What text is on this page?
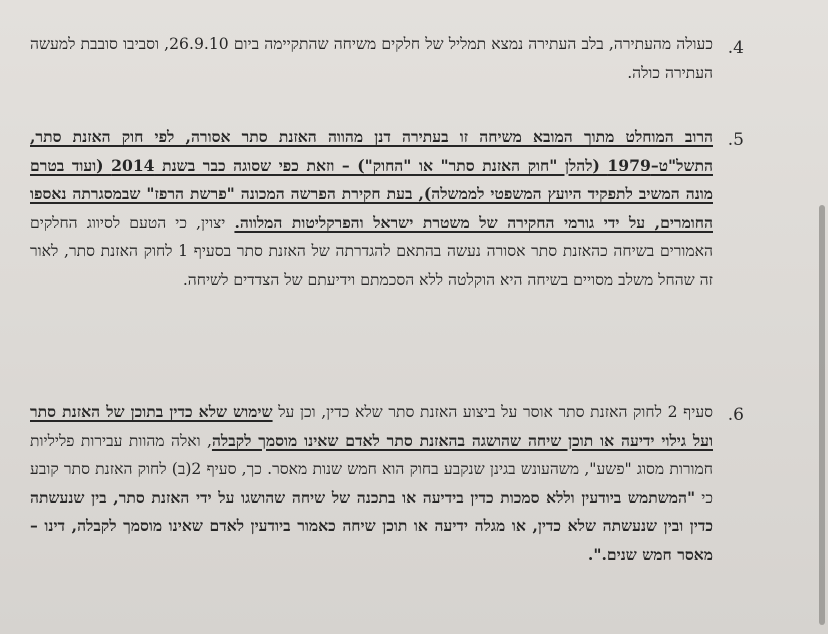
.4
כעולה מהעתירה, בלב העתירה נמצא תמליל של חלקים משיחה שהתקיימה ביום 26.9.10, וסביבו סובבת למעשה העתירה כולה.
.5
הרוב המוחלט מתוך המובא משיחה זו בעתירה דנן מהווה האזנת סתר אסורה, לפי חוק האזנת סתר, התשל"ט–1979 (להלן "חוק האזנת סתר" או "החוק") – וזאת כפי שסוגה כבר בשנת 2014 (ועוד בטרם מונה המשיב לתפקיד היועץ המשפטי לממשלה), בעת חקירת הפרשה המכונה "פרשת הרפז" שבמסגרתה נאספו החומרים, על ידי גורמי החקירה של משטרת ישראל והפרקליטות המלווה. יצוין, כי הטעם לסיווג החלקים האמורים בשיחה כהאזנת סתר אסורה נעשה בהתאם להגדרתה של האזנת סתר בסעיף 1 לחוק האזנת סתר, לאור זה שהחל משלב מסויים בשיחה היא הוקלטה ללא הסכמתם וידיעתם של הצדדים לשיחה.
.6
סעיף 2 לחוק האזנת סתר אוסר על ביצוע האזנת סתר שלא כדין, וכן על שימוש שלא כדין בתוכן של האזנת סתר ועל גילוי ידיעה או תוכן שיחה שהושגה בהאזנת סתר לאדם שאינו מוסמך לקבלה, ואלה מהוות עבירות פליליות חמורות מסוג "פשע", משהעונש בגינן שנקבע בחוק הוא חמש שנות מאסר. כך, סעיף 2(ב) לחוק האזנת סתר קובע כי "המשתמש ביודעין וללא סמכות כדין בידיעה או בתכנה של שיחה שהושגו על ידי האזנת סתר, בין שנעשתה כדין ובין שנעשתה שלא כדין, או מגלה ידיעה או תוכן שיחה כאמור ביודעין לאדם שאינו מוסמך לקבלה, דינו – מאסר חמש שנים.".
